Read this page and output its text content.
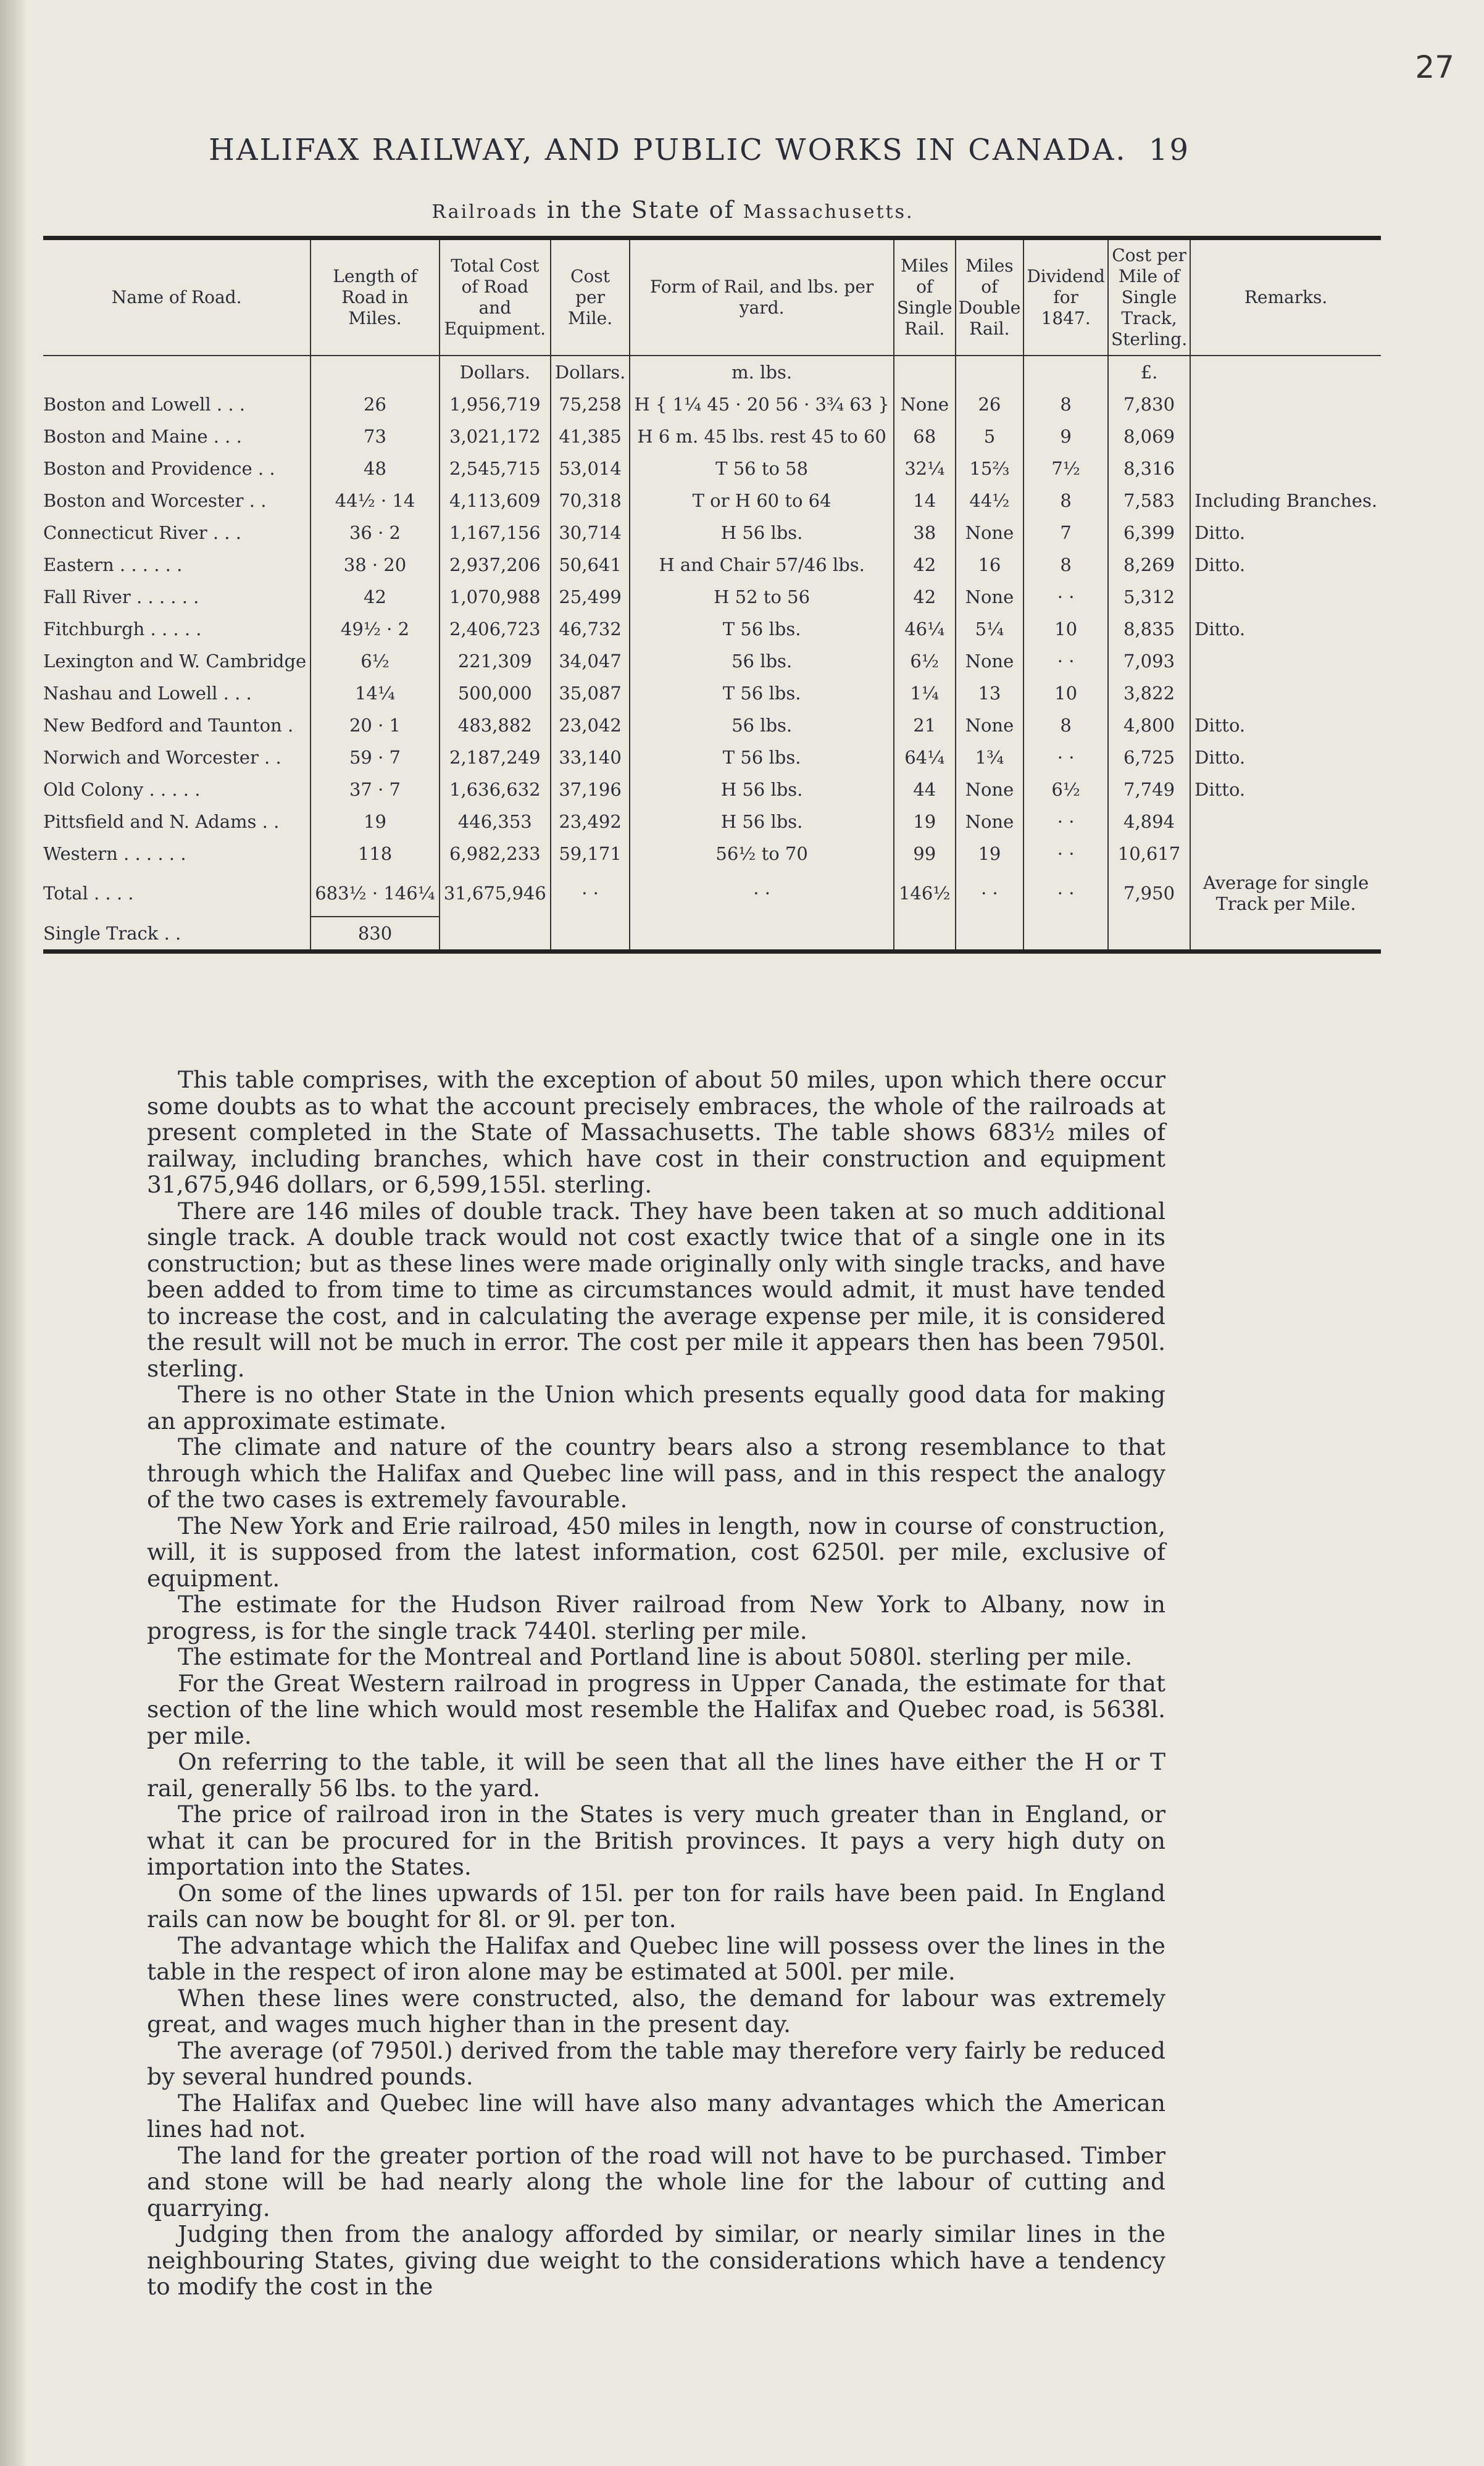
27
HALIFAX RAILWAY, AND PUBLIC WORKS IN CANADA. 19
Railroads in the State of Massachusetts.
Name of Road.	Length of Road in Miles.	Total Cost of Road and Equipment.	Cost per Mile.	Form of Rail, and lbs. per yard.	Miles of Single Rail.	Miles of Double Rail.	Dividend for 1847.	Cost per Mile of Single Track, Sterling.	Remarks.
		Dollars.	Dollars.	m. lbs.				£.	
Boston and Lowell . . .	26	1,956,719	75,258	H { 1¼ 45 · 20 56 · 3¾ 63 }	None	26	8	7,830	
Boston and Maine . . .	73	3,021,172	41,385	H 6 m. 45 lbs. rest 45 to 60	68	5	9	8,069	
Boston and Providence . .	48	2,545,715	53,014	T 56 to 58	32¼	15⅔	7½	8,316	
Boston and Worcester . .	44½ · 14	4,113,609	70,318	T or H 60 to 64	14	44½	8	7,583	Including Branches.
Connecticut River . . .	36 · 2	1,167,156	30,714	H 56 lbs.	38	None	7	6,399	Ditto.
Eastern . . . . . .	38 · 20	2,937,206	50,641	H and Chair 57/46 lbs.	42	16	8	8,269	Ditto.
Fall River . . . . . .	42	1,070,988	25,499	H 52 to 56	42	None	· ·	5,312	
Fitchburgh . . . . .	49½ · 2	2,406,723	46,732	T 56 lbs.	46¼	5¼	10	8,835	Ditto.
Lexington and W. Cambridge	6½	221,309	34,047	56 lbs.	6½	None	· ·	7,093	
Nashau and Lowell . . .	14¼	500,000	35,087	T 56 lbs.	1¼	13	10	3,822	
New Bedford and Taunton .	20 · 1	483,882	23,042	56 lbs.	21	None	8	4,800	Ditto.
Norwich and Worcester . .	59 · 7	2,187,249	33,140	T 56 lbs.	64¼	1¾	· ·	6,725	Ditto.
Old Colony . . . . .	37 · 7	1,636,632	37,196	H 56 lbs.	44	None	6½	7,749	Ditto.
Pittsfield and N. Adams . .	19	446,353	23,492	H 56 lbs.	19	None	· ·	4,894	
Western . . . . . .	118	6,982,233	59,171	56½ to 70	99	19	· ·	10,617	
Total . . . .	683½ · 146¼	31,675,946	· ·	· ·	146½	· ·	· ·	7,950	Average for single Track per Mile.
Single Track . .	830								

This table comprises, with the exception of about 50 miles, upon which there occur some doubts as to what the account precisely embraces, the whole of the railroads at present completed in the State of Massachusetts. The table shows 683½ miles of railway, including branches, which have cost in their construction and equipment 31,675,946 dollars, or 6,599,155l. sterling.

There are 146 miles of double track. They have been taken at so much additional single track. A double track would not cost exactly twice that of a single one in its construction; but as these lines were made originally only with single tracks, and have been added to from time to time as circumstances would admit, it must have tended to increase the cost, and in calculating the average expense per mile, it is considered the result will not be much in error. The cost per mile it appears then has been 7950l. sterling.

There is no other State in the Union which presents equally good data for making an approximate estimate.

The climate and nature of the country bears also a strong resemblance to that through which the Halifax and Quebec line will pass, and in this respect the analogy of the two cases is extremely favourable.

The New York and Erie railroad, 450 miles in length, now in course of construction, will, it is supposed from the latest information, cost 6250l. per mile, exclusive of equipment.

The estimate for the Hudson River railroad from New York to Albany, now in progress, is for the single track 7440l. sterling per mile.

The estimate for the Montreal and Portland line is about 5080l. sterling per mile.

For the Great Western railroad in progress in Upper Canada, the estimate for that section of the line which would most resemble the Halifax and Quebec road, is 5638l. per mile.

On referring to the table, it will be seen that all the lines have either the H or T rail, generally 56 lbs. to the yard.

The price of railroad iron in the States is very much greater than in England, or what it can be procured for in the British provinces. It pays a very high duty on importation into the States.

On some of the lines upwards of 15l. per ton for rails have been paid. In England rails can now be bought for 8l. or 9l. per ton.

The advantage which the Halifax and Quebec line will possess over the lines in the table in the respect of iron alone may be estimated at 500l. per mile.

When these lines were constructed, also, the demand for labour was extremely great, and wages much higher than in the present day.

The average (of 7950l.) derived from the table may therefore very fairly be reduced by several hundred pounds.

The Halifax and Quebec line will have also many advantages which the American lines had not.

The land for the greater portion of the road will not have to be purchased. Timber and stone will be had nearly along the whole line for the labour of cutting and quarrying.

Judging then from the analogy afforded by similar, or nearly similar lines in the neighbouring States, giving due weight to the considerations which have a tendency to modify the cost in the
